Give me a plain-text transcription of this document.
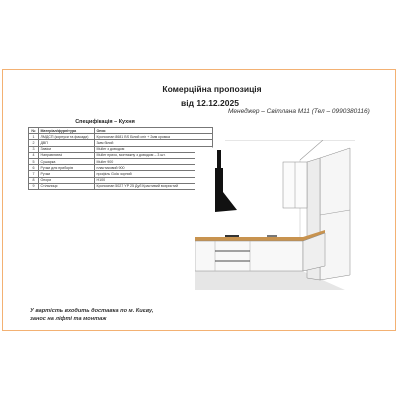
Комерційна пропозиція
від 12.12.2025
Менеджер – Світлана М11 (Тел – 0990380116)
Специфікація – Кухня
№	Матеріал/фурнітура	Опис
1	ЛМДСП (корпуси та фасади)	Кроноспан 8681 BS Білий сніг + 2мм кромка
2	ДВП	3мм білий
3	Завіси	Muller з доводом
4	Направляючі	Muller прихо, монтажну з доводом – 3 шт.
5	Сушарка	Muller 900
6	Ручки для приборів	пластиковий 900
7	Ручки	профіль Gola чорний
8	Опори	H100
9	Стільниця	Кроноспан 5027 YP 25 Дуб Крастивий вохристий
У вартість входить доставка по м. Києву,
занос на ліфті та монтаж
